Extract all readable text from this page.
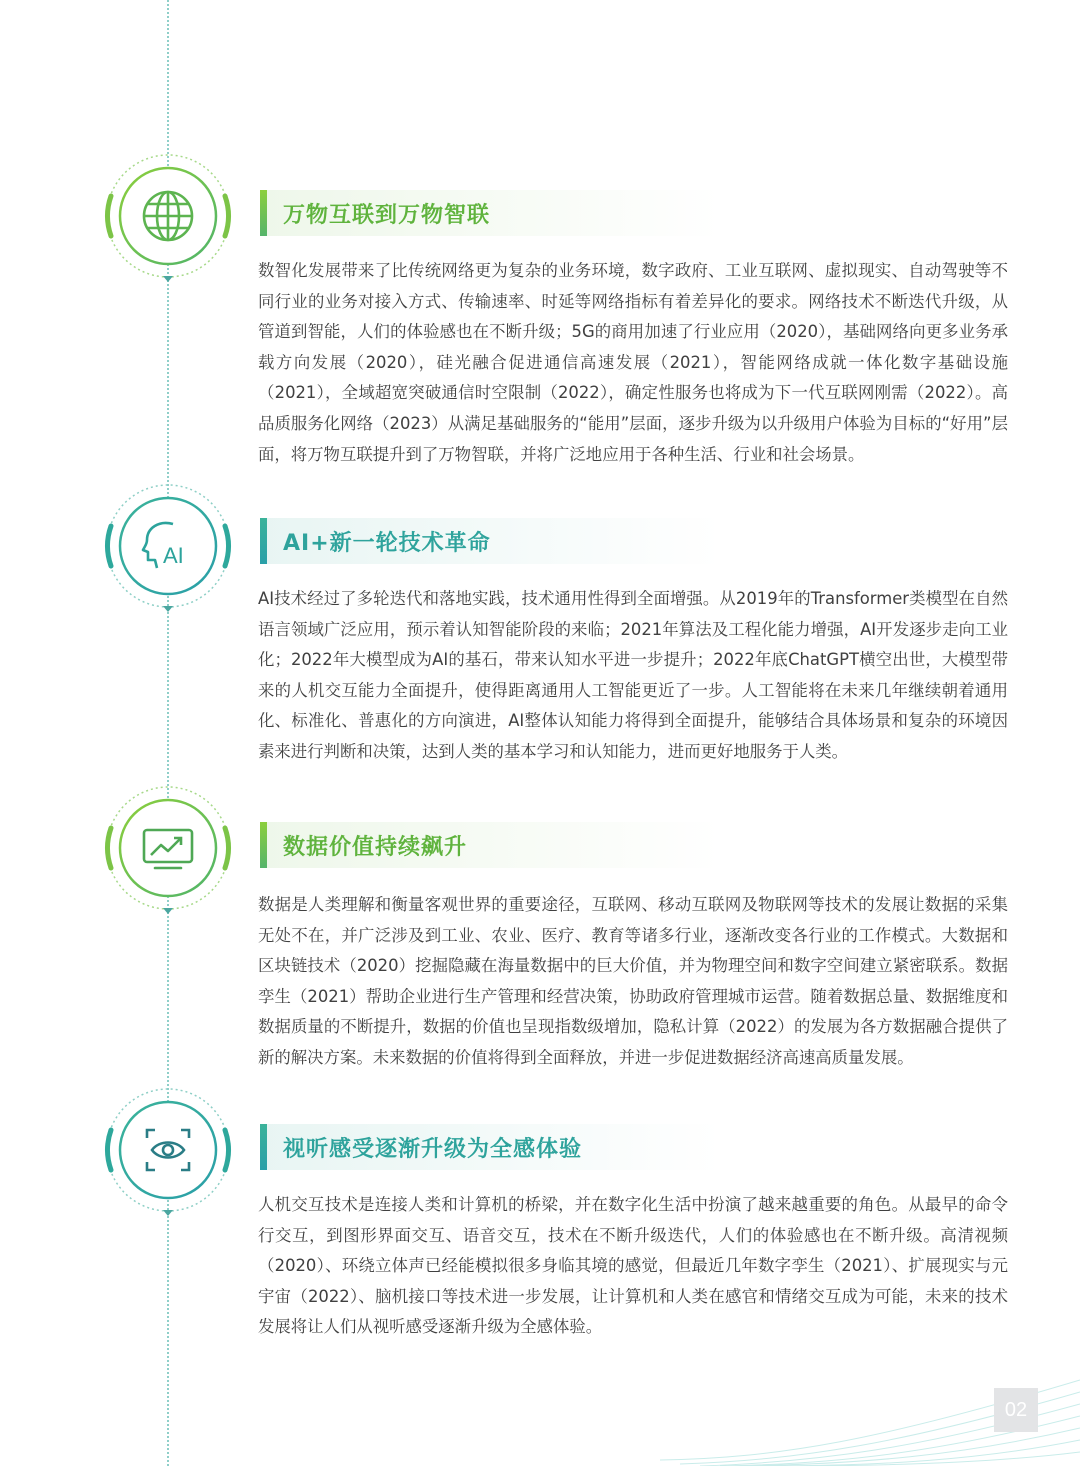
万物互联到万物智联

数智化发展带来了比传统网络更为复杂的业务环境，数字政府、工业互联网、虚拟现实、自动驾驶等不同行业的业务对接入方式、传输速率、时延等网络指标有着差异化的要求。网络技术不断迭代升级，从管道到智能，人们的体验感也在不断升级；5G的商用加速了行业应用（2020），基础网络向更多业务承载方向发展（2020），硅光融合促进通信高速发展（2021），智能网络成就一体化数字基础设施（2021），全域超宽突破通信时空限制（2022），确定性服务也将成为下一代互联网刚需（2022）。高品质服务化网络（2023）从满足基础服务的“能用”层面，逐步升级为以升级用户体验为目标的“好用”层面，将万物互联提升到了万物智联，并将广泛地应用于各种生活、行业和社会场景。

AI	AI+新一轮技术革命

AI技术经过了多轮迭代和落地实践，技术通用性得到全面增强。从2019年的Transformer类模型在自然语言领域广泛应用，预示着认知智能阶段的来临；2021年算法及工程化能力增强，AI开发逐步走向工业化；2022年大模型成为AI的基石，带来认知水平进一步提升；2022年底ChatGPT横空出世，大模型带来的人机交互能力全面提升，使得距离通用人工智能更近了一步。人工智能将在未来几年继续朝着通用化、标准化、普惠化的方向演进，AI整体认知能力将得到全面提升，能够结合具体场景和复杂的环境因素来进行判断和决策，达到人类的基本学习和认知能力，进而更好地服务于人类。

数据价值持续飙升

数据是人类理解和衡量客观世界的重要途径，互联网、移动互联网及物联网等技术的发展让数据的采集无处不在，并广泛涉及到工业、农业、医疗、教育等诸多行业，逐渐改变各行业的工作模式。大数据和区块链技术（2020）挖掘隐藏在海量数据中的巨大价值，并为物理空间和数字空间建立紧密联系。数据孪生（2021）帮助企业进行生产管理和经营决策，协助政府管理城市运营。随着数据总量、数据维度和数据质量的不断提升，数据的价值也呈现指数级增加，隐私计算（2022）的发展为各方数据融合提供了新的解决方案。未来数据的价值将得到全面释放，并进一步促进数据经济高速高质量发展。

视听感受逐渐升级为全感体验

人机交互技术是连接人类和计算机的桥梁，并在数字化生活中扮演了越来越重要的角色。从最早的命令行交互，到图形界面交互、语音交互，技术在不断升级迭代，人们的体验感也在不断升级。高清视频（2020）、环绕立体声已经能模拟很多身临其境的感觉，但最近几年数字孪生（2021）、扩展现实与元宇宙（2022）、脑机接口等技术进一步发展，让计算机和人类在感官和情绪交互成为可能，未来的技术发展将让人们从视听感受逐渐升级为全感体验。

02
